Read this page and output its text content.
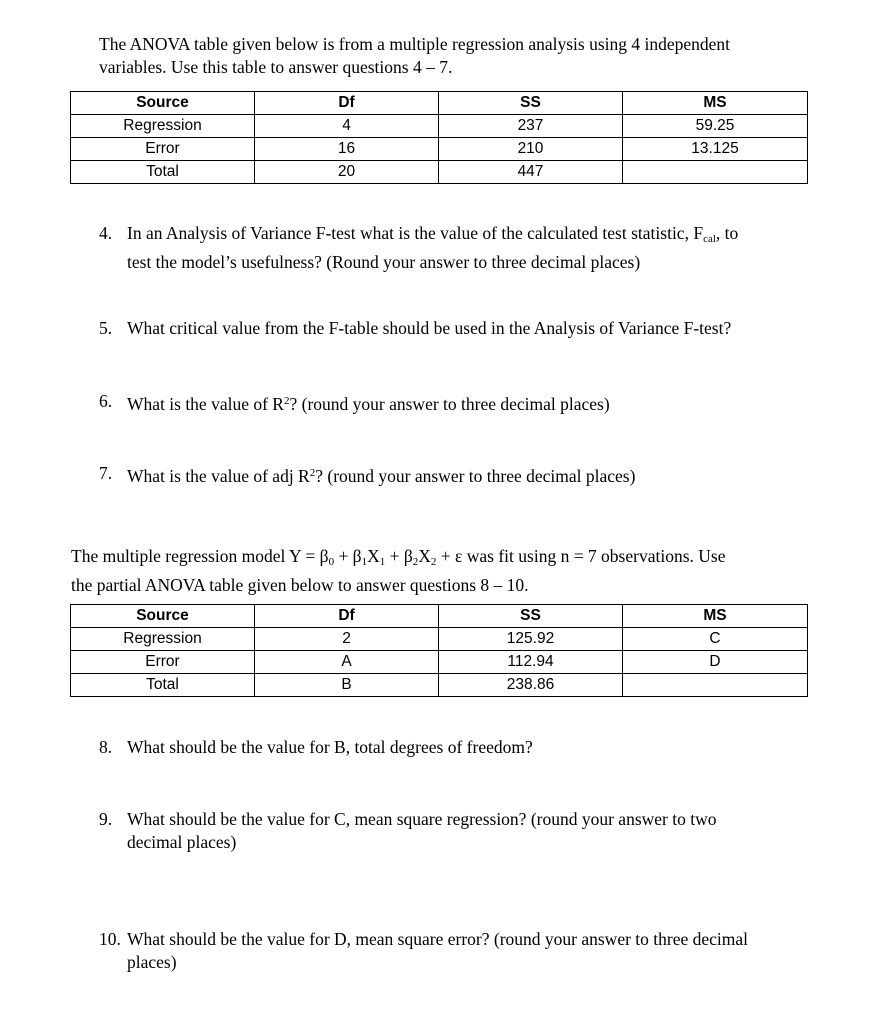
The ANOVA table given below is from a multiple regression analysis using 4 independent
variables. Use this table to answer questions 4 – 7.
Source	Df	SS	MS
Regression	4	237	59.25
Error	16	210	13.125
Total	20	447	
4. In an Analysis of Variance F-test what is the value of the calculated test statistic, $F_{cal}$, to
test the model’s usefulness? (Round your answer to three decimal places)
5. What critical value from the F-table should be used in the Analysis of Variance F-test?
6. What is the value of $R^2$? (round your answer to three decimal places)
7. What is the value of adj $R^2$? (round your answer to three decimal places)
The multiple regression model $Y = \beta_0 + \beta_1X_1 + \beta_2X_2 + \varepsilon$ was fit using n = 7 observations. Use
the partial ANOVA table given below to answer questions 8 – 10.
Source	Df	SS	MS
Regression	2	125.92	C
Error	A	112.94	D
Total	B	238.86	
8. What should be the value for B, total degrees of freedom?
9. What should be the value for C, mean square regression? (round your answer to two
decimal places)
10. What should be the value for D, mean square error? (round your answer to three decimal
places)
